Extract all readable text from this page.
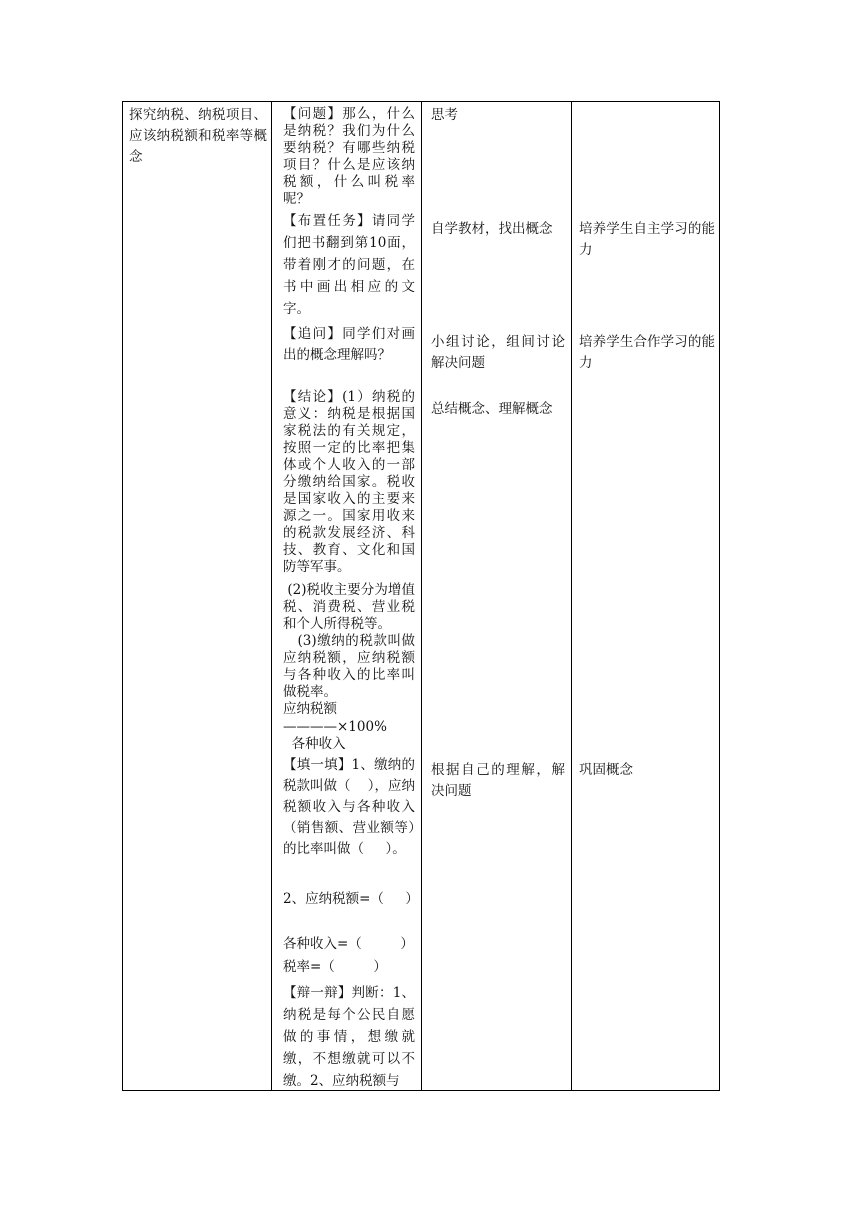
探究纳税、纳税项目、应该纳税额和税率等概念
【问题】那么，什么是纳税？我们为什么要纳税？有哪些纳税项目？什么是应该纳税额，什么叫税率呢？
【布置任务】请同学们把书翻到第10面，带着刚才的问题，在书中画出相应的文字。
【追问】同学们对画出的概念理解吗？
【结论】(1）纳税的意义：纳税是根据国家税法的有关规定，按照一定的比率把集体或个人收入的一部分缴纳给国家。税收是国家收入的主要来源之一。国家用收来的税款发展经济、科技、教育、文化和国防等军事。
(2)税收主要分为增值税、消费税、营业税和个人所得税等。
(3)缴纳的税款叫做应纳税额，应纳税额与各种收入的比率叫做税率。
应纳税额
————×100%
各种收入
【填一填】1、缴纳的税款叫做（    ），应纳税额收入与各种收入（销售额、营业额等）的比率叫做（     ）。
2、应纳税额=（     ）
各种收入=（         ）
税率=（         ）
【辩一辩】判断：1、纳税是每个公民自愿做的事情，想缴就缴，不想缴就可以不缴。2、应纳税额与
思考
自学教材，找出概念
小组讨论，组间讨论解决问题
总结概念、理解概念
根据自己的理解，解决问题
培养学生自主学习的能力
培养学生合作学习的能力
巩固概念
